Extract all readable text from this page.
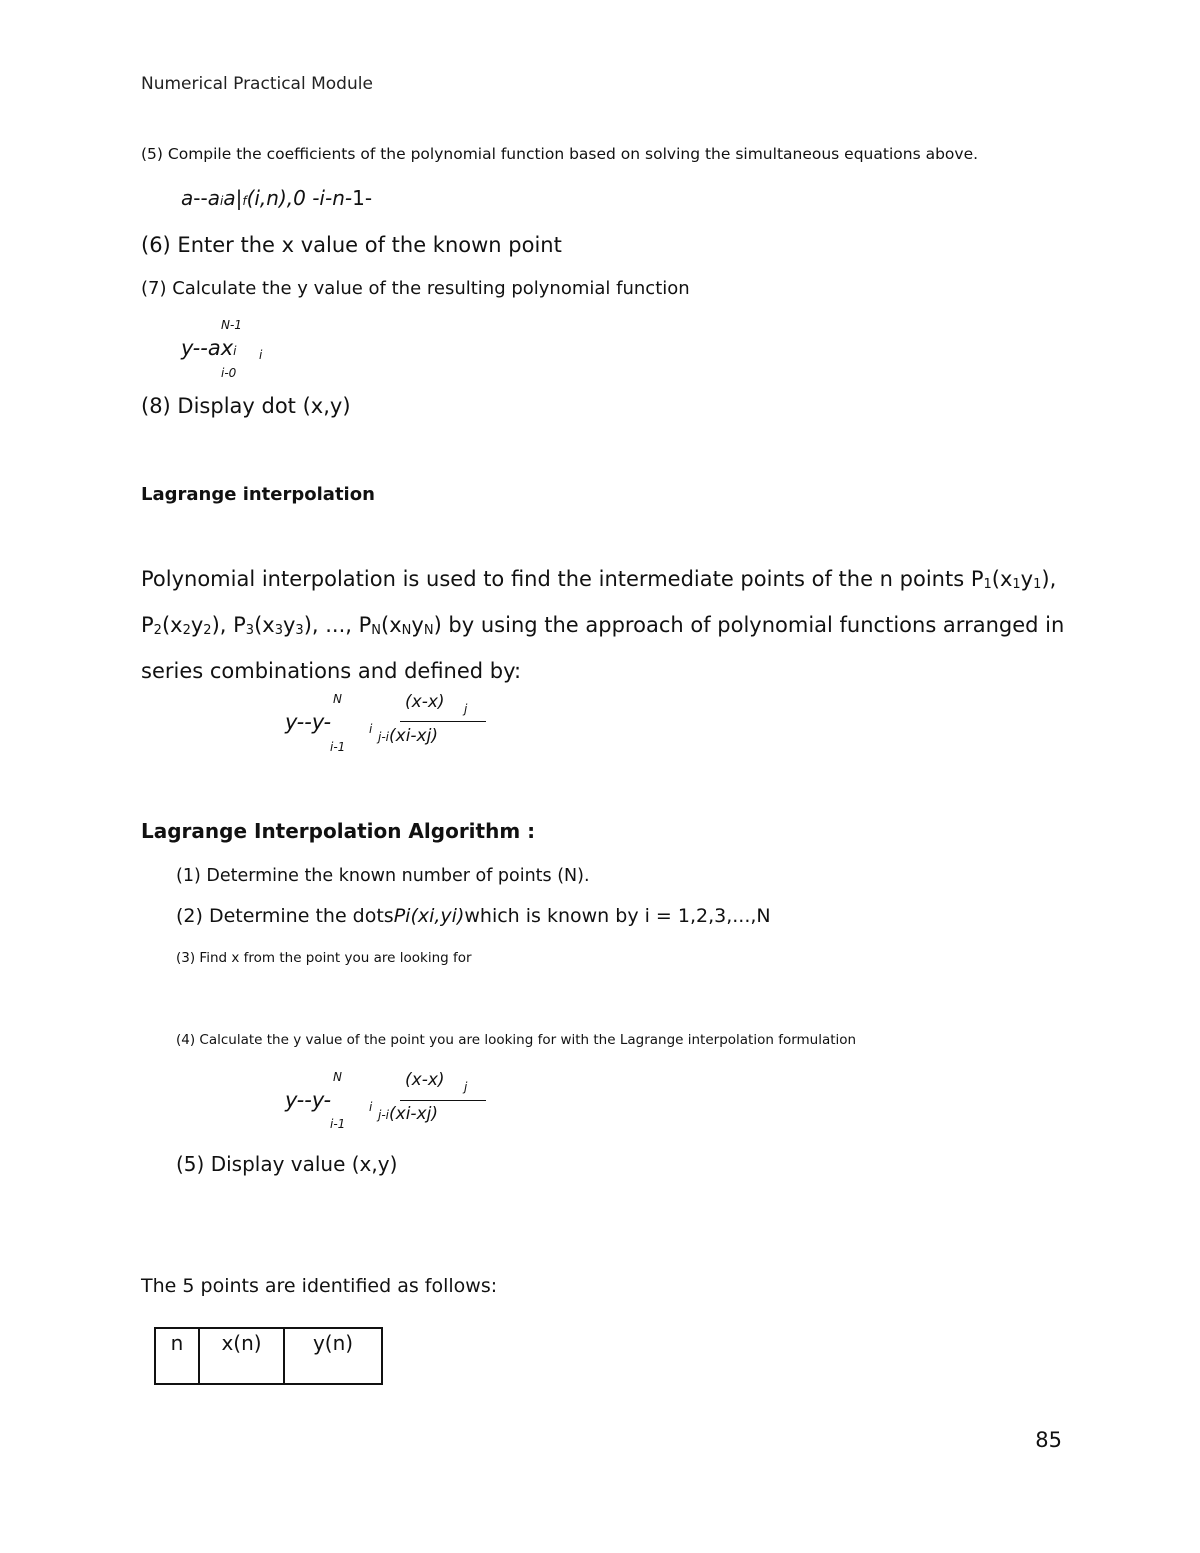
Numerical Practical Module
(5) Compile the coefficients of the polynomial function based on solving the simultaneous equations above.
a--aia|f(i,n),0 -i-n-1-
(6) Enter the x value of the known point
(7) Calculate the y value of the resulting polynomial function
N-1
y--axi i
i-0
(8) Display dot (x,y)
Lagrange interpolation
Polynomial interpolation is used to find the intermediate points of the n points P1(x1y1),
P2(x2y2), P3(x3y3), ..., PN(xNyN) by using the approach of polynomial functions arranged in series combinations and defined by:
N	(x-x) j
y--y-	i
j-i(xi-xj)
i-1
Lagrange Interpolation Algorithm :
(1) Determine the known number of points (N).
(2) Determine the dotsPi(xi,yi)which is known by i = 1,2,3,...,N
(3) Find x from the point you are looking for
(4) Calculate the y value of the point you are looking for with the Lagrange interpolation formulation
N	(x-x) j
y--y-	i
j-i(xi-xj)
i-1
(5) Display value (x,y)
The 5 points are identified as follows:
n	x(n)	y(n)
85
